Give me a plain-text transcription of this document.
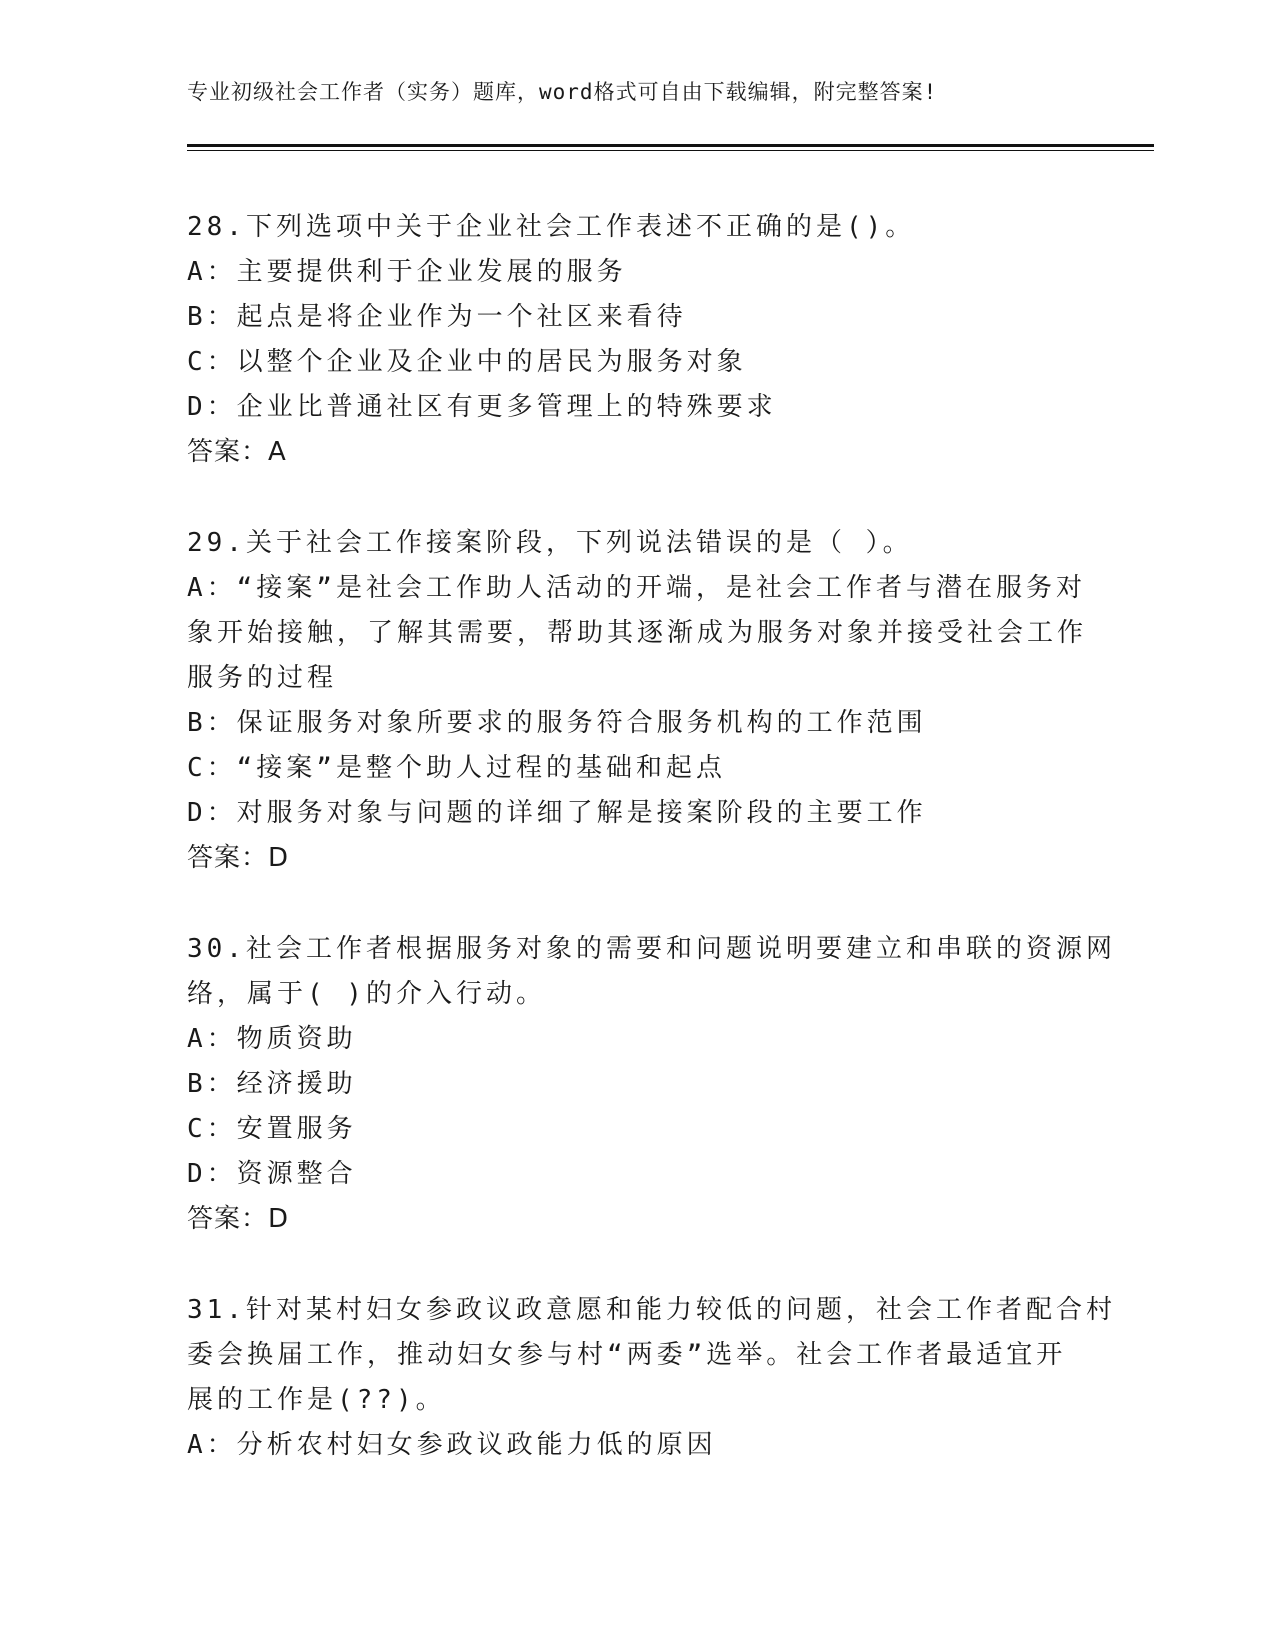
专业初级社会工作者（实务）题库，word格式可自由下载编辑，附完整答案!
28.下列选项中关于企业社会工作表述不正确的是()。
A：主要提供利于企业发展的服务
B：起点是将企业作为一个社区来看待
C：以整个企业及企业中的居民为服务对象
D：企业比普通社区有更多管理上的特殊要求
答案：A
29.关于社会工作接案阶段，下列说法错误的是（ ）。
A：“接案”是社会工作助人活动的开端，是社会工作者与潜在服务对
象开始接触，了解其需要，帮助其逐渐成为服务对象并接受社会工作
服务的过程
B：保证服务对象所要求的服务符合服务机构的工作范围
C：“接案”是整个助人过程的基础和起点
D：对服务对象与问题的详细了解是接案阶段的主要工作
答案：D
30.社会工作者根据服务对象的需要和问题说明要建立和串联的资源网
络，属于( )的介入行动。
A：物质资助
B：经济援助
C：安置服务
D：资源整合
答案：D
31.针对某村妇女参政议政意愿和能力较低的问题，社会工作者配合村
委会换届工作，推动妇女参与村“两委”选举。社会工作者最适宜开
展的工作是(??)。
A：分析农村妇女参政议政能力低的原因
